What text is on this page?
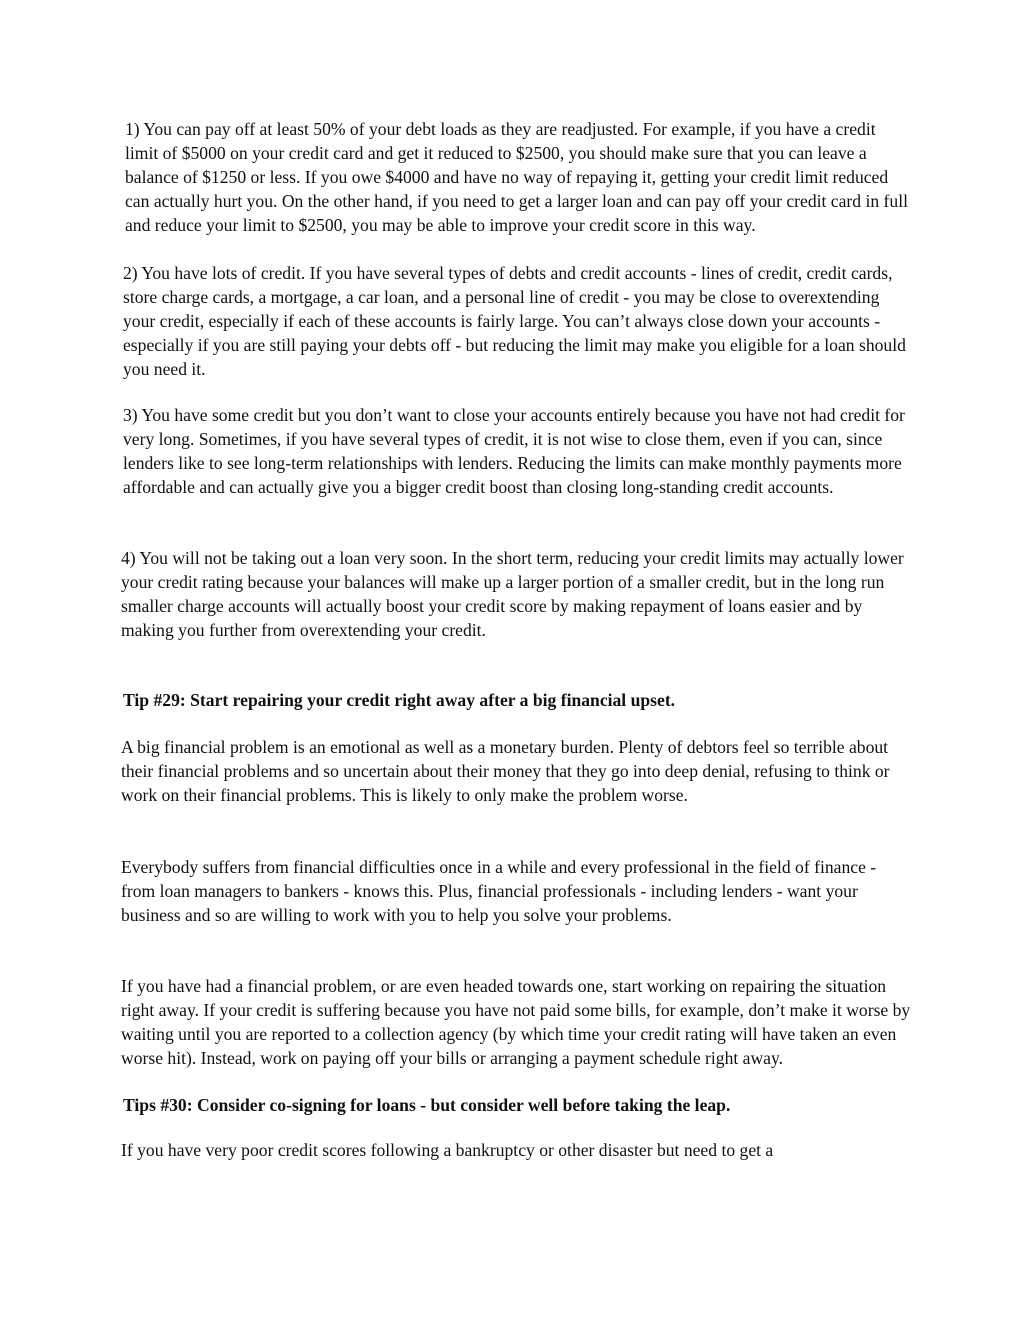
1) You can pay off at least 50% of your debt loads as they are readjusted. For example, if you have a credit limit of $5000 on your credit card and get it reduced to $2500, you should make sure that you can leave a balance of $1250 or less. If you owe $4000 and have no way of repaying it, getting your credit limit reduced can actually hurt you. On the other hand, if you need to get a larger loan and can pay off your credit card in full and reduce your limit to $2500, you may be able to improve your credit score in this way.

2) You have lots of credit. If you have several types of debts and credit accounts - lines of credit, credit cards, store charge cards, a mortgage, a car loan, and a personal line of credit - you may be close to overextending your credit, especially if each of these accounts is fairly large. You can’t always close down your accounts - especially if you are still paying your debts off - but reducing the limit may make you eligible for a loan should you need it.

3) You have some credit but you don’t want to close your accounts entirely because you have not had credit for very long. Sometimes, if you have several types of credit, it is not wise to close them, even if you can, since lenders like to see long-term relationships with lenders. Reducing the limits can make monthly payments more affordable and can actually give you a bigger credit boost than closing long-standing credit accounts.

4) You will not be taking out a loan very soon. In the short term, reducing your credit limits may actually lower your credit rating because your balances will make up a larger portion of a smaller credit, but in the long run smaller charge accounts will actually boost your credit score by making repayment of loans easier and by making you further from overextending your credit.

Tip #29: Start repairing your credit right away after a big financial upset.

A big financial problem is an emotional as well as a monetary burden. Plenty of debtors feel so terrible about their financial problems and so uncertain about their money that they go into deep denial, refusing to think or work on their financial problems. This is likely to only make the problem worse.

Everybody suffers from financial difficulties once in a while and every professional in the field of finance - from loan managers to bankers - knows this. Plus, financial professionals - including lenders - want your business and so are willing to work with you to help you solve your problems.

If you have had a financial problem, or are even headed towards one, start working on repairing the situation right away. If your credit is suffering because you have not paid some bills, for example, don’t make it worse by waiting until you are reported to a collection agency (by which time your credit rating will have taken an even worse hit). Instead, work on paying off your bills or arranging a payment schedule right away.

Tips #30: Consider co-signing for loans - but consider well before taking the leap.

If you have very poor credit scores following a bankruptcy or other disaster but need to get a
